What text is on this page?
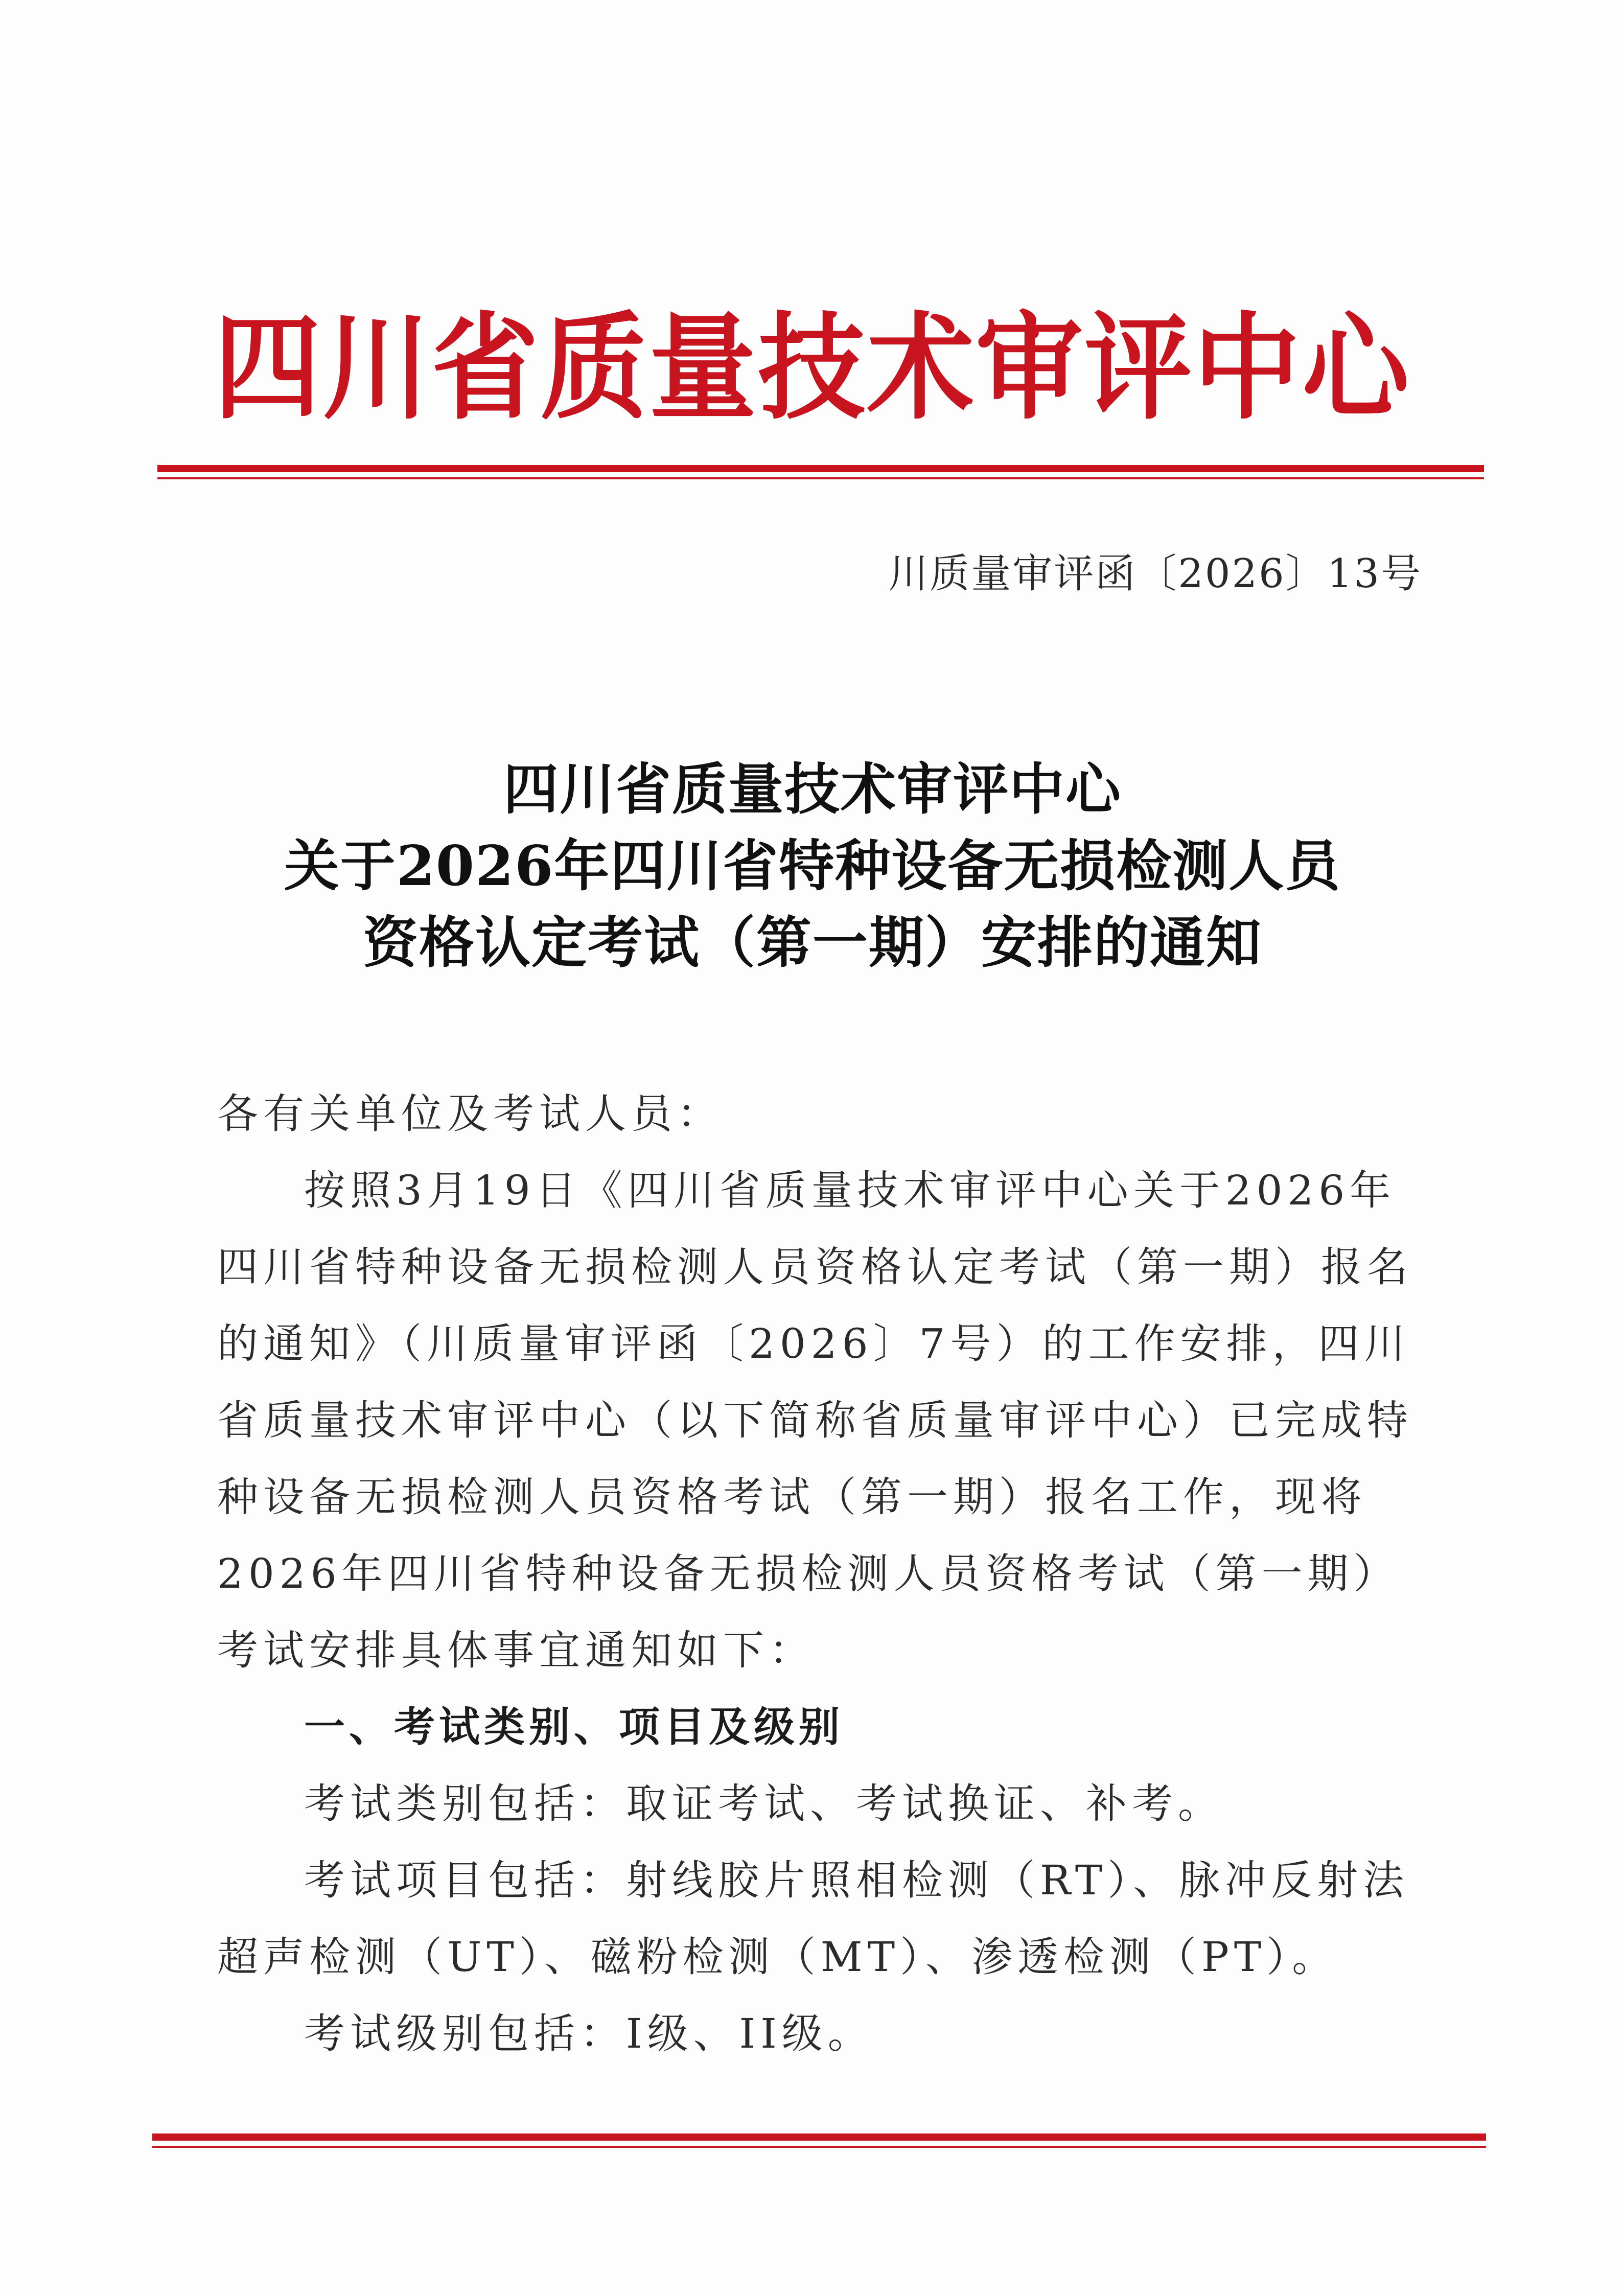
四川省质量技术审评中心
川质量审评函〔2026〕13号
四川省质量技术审评中心
关于2026年四川省特种设备无损检测人员
资格认定考试（第一期）安排的通知

各有关单位及考试人员：

按照3月19日《四川省质量技术审评中心关于2026年四川省特种设备无损检测人员资格认定考试（第一期）报名的通知》（川质量审评函〔2026〕7号）的工作安排，四川省质量技术审评中心（以下简称省质量审评中心）已完成特种设备无损检测人员资格考试（第一期）报名工作，现将2026年四川省特种设备无损检测人员资格考试（第一期）考试安排具体事宜通知如下：

一、考试类别、项目及级别

考试类别包括：取证考试、考试换证、补考。

考试项目包括：射线胶片照相检测（RT）、脉冲反射法超声检测（UT）、磁粉检测（MT）、渗透检测（PT）。

考试级别包括：I级、II级。
